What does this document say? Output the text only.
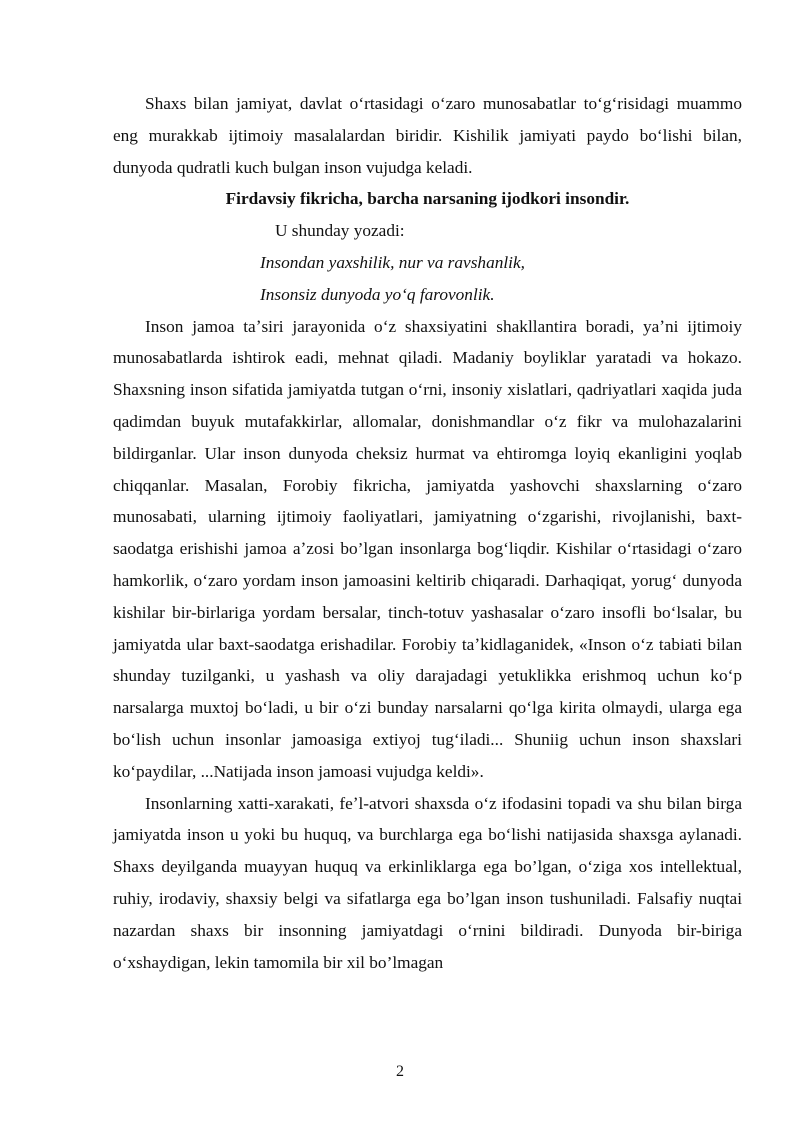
Shaxs bilan jamiyat, davlat oʻrtasidagi oʻzaro munosabatlar toʻgʻrisidagi muammo eng murakkab ijtimoiy masalalardan biridir. Kishilik jamiyati paydo boʻlishi bilan, dunyoda qudratli kuch bulgan inson vujudga keladi.

Firdavsiy fikricha, barcha narsaning ijodkori insondir.

U shunday yozadi:

Insondan yaxshilik, nur va ravshanlik,

Insonsiz dunyoda yoʻq farovonlik.

Inson jamoa taʼsiri jarayonida oʻz shaxsiyatini shakllantira boradi, yaʼni ijtimoiy munosabatlarda ishtirok eadi, mehnat qiladi. Madaniy boyliklar yaratadi va hokazo. Shaxsning inson sifatida jamiyatda tutgan oʻrni, insoniy xislatlari, qadriyatlari xaqida juda qadimdan buyuk mutafakkirlar, allomalar, donishmandlar oʻz fikr va mulohazalarini bildirganlar. Ular inson dunyoda cheksiz hurmat va ehtiromga loyiq ekanligini yoqlab chiqqanlar. Masalan, Forobiy fikricha, jamiyatda yashovchi shaxslarning oʻzaro munosabati, ularning ijtimoiy faoliyatlari, jamiyatning oʻzgarishi, rivojlanishi, baxt-saodatga erishishi jamoa aʼzosi bo’lgan insonlarga bogʻliqdir. Kishilar oʻrtasidagi oʻzaro hamkorlik, oʻzaro yordam inson jamoasini keltirib chiqaradi. Darhaqiqat, yorugʻ dunyoda kishilar bir-birlariga yordam bersalar, tinch-totuv yashasalar oʻzaro insofli boʻlsalar, bu jamiyatda ular baxt-saodatga erishadilar. Forobiy taʼkidlaganidek, «Inson oʻz tabiati bilan shunday tuzilganki, u yashash va oliy darajadagi yetuklikka erishmoq uchun koʻp narsalarga muxtoj boʻladi, u bir oʻzi bunday narsalarni qoʻlga kirita olmaydi, ularga ega boʻlish uchun insonlar jamoasiga extiyoj tugʻiladi... Shuniig uchun inson shaxslari koʻpaydilar, ...Natijada inson jamoasi vujudga keldi».

Insonlarning xatti-xarakati, feʼl-atvori shaxsda oʻz ifodasini topadi va shu bilan birga jamiyatda inson u yoki bu huquq, va burchlarga ega boʻlishi natijasida shaxsga aylanadi. Shaxs deyilganda muayyan huquq va erkinliklarga ega bo’lgan, oʻziga xos intellektual, ruhiy, irodaviy, shaxsiy belgi va sifatlarga ega bo’lgan inson tushuniladi. Falsafiy nuqtai nazardan shaxs bir insonning jamiyatdagi oʻrnini bildiradi. Dunyoda bir-biriga oʻxshaydigan, lekin tamomila bir xil bo’lmagan

2
